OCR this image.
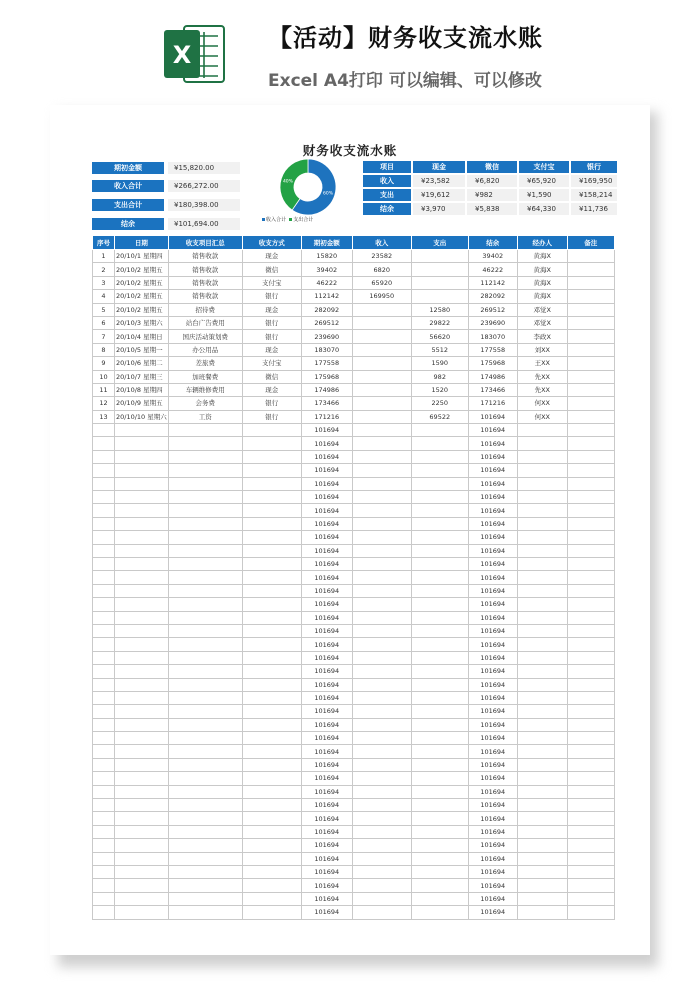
X
【活动】财务收支流水账
Excel A4打印 可以编辑、可以修改
财务收支流水账
期初金额	¥15,820.00
收入合计	¥266,272.00
支出合计	¥180,398.00
结余	¥101,694.00
60%
40%
收入合计 支出合计
项目	现金	微信	支付宝	银行
收入	¥23,582	¥6,820	¥65,920	¥169,950
支出	¥19,612	¥982	¥1,590	¥158,214
结余	¥3,970	¥5,838	¥64,330	¥11,736
序号	日期	收支项目汇总	收支方式	期初金额	收入	支出	结余	经办人	备注
1	20/10/1 星期四	销售收款	现金	15820	23582		39402	黄海X	
2	20/10/2 星期五	销售收款	微信	39402	6820		46222	黄海X	
3	20/10/2 星期五	销售收款	支付宝	46222	65920		112142	黄海X	
4	20/10/2 星期五	销售收款	银行	112142	169950		282092	黄海X	
5	20/10/2 星期五	招待费	现金	282092		12580	269512	邓觉X	
6	20/10/3 星期六	站台广告费用	银行	269512		29822	239690	邓觉X	
7	20/10/4 星期日	国庆活动策划费	银行	239690		56620	183070	李政X	
8	20/10/5 星期一	办公用品	现金	183070		5512	177558	刘XX	
9	20/10/6 星期二	差旅费	支付宝	177558		1590	175968	王XX	
10	20/10/7 星期三	加班餐费	微信	175968		982	174986	先XX	
11	20/10/8 星期四	车辆维修费用	现金	174986		1520	173466	先XX	
12	20/10/9 星期五	会务费	银行	173466		2250	171216	何XX	
13	20/10/10 星期六	工资	银行	171216		69522	101694	何XX	
				101694			101694		
				101694			101694		
				101694			101694		
				101694			101694		
				101694			101694		
				101694			101694		
				101694			101694		
				101694			101694		
				101694			101694		
				101694			101694		
				101694			101694		
				101694			101694		
				101694			101694		
				101694			101694		
				101694			101694		
				101694			101694		
				101694			101694		
				101694			101694		
				101694			101694		
				101694			101694		
				101694			101694		
				101694			101694		
				101694			101694		
				101694			101694		
				101694			101694		
				101694			101694		
				101694			101694		
				101694			101694		
				101694			101694		
				101694			101694		
				101694			101694		
				101694			101694		
				101694			101694		
				101694			101694		
				101694			101694		
				101694			101694		
				101694			101694		
